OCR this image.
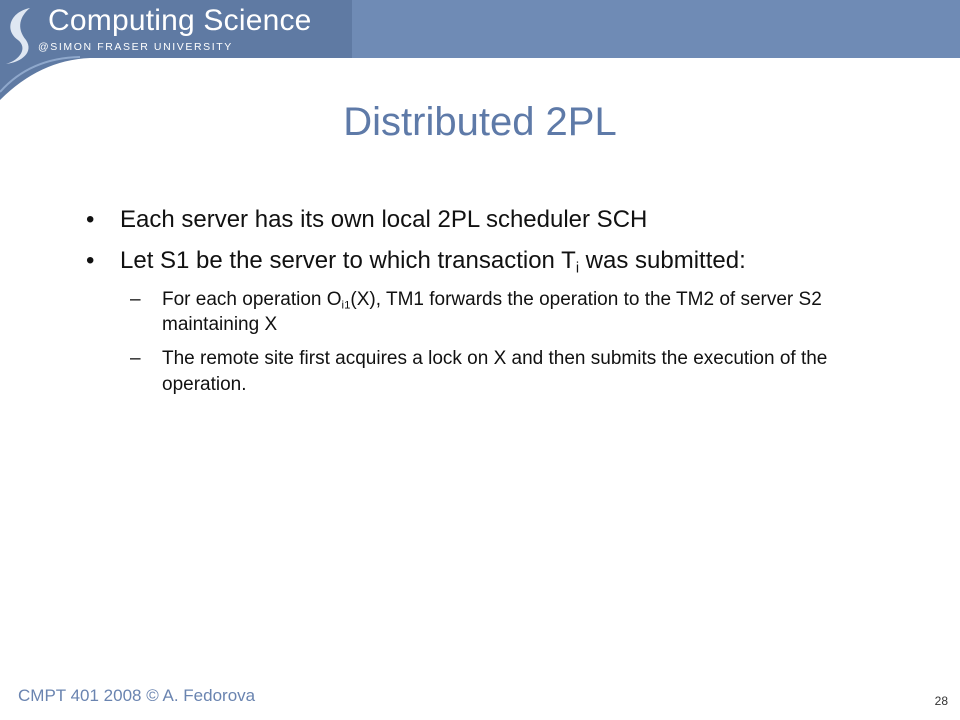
Computing Science
@SIMON FRASER UNIVERSITY
Distributed 2PL
• Each server has its own local 2PL scheduler SCH
• Let S1 be the server to which transaction $T_i$ was submitted:
– For each operation $O_{i1}(X)$, TM1 forwards the operation to the TM2 of server S2 maintaining X
– The remote site first acquires a lock on X and then submits the execution of the operation.
CMPT 401 2008 © A. Fedorova	28
